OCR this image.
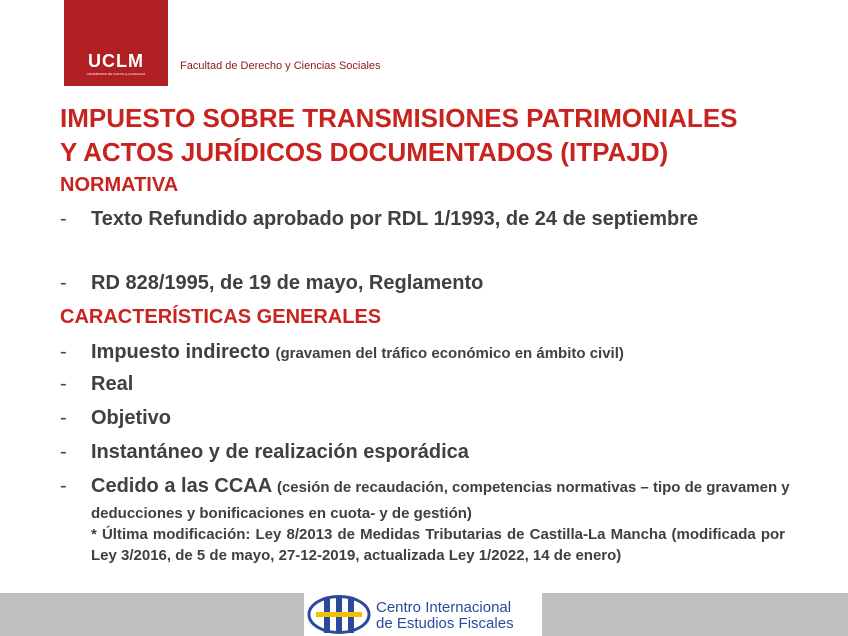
UCLM
UNIVERSIDAD DE CASTILLA-LA MANCHA
Facultad de Derecho y Ciencias Sociales
IMPUESTO SOBRE TRANSMISIONES PATRIMONIALES
Y ACTOS JURÍDICOS DOCUMENTADOS (ITPAJD)
NORMATIVA
- Texto Refundido aprobado por RDL 1/1993, de 24 de septiembre
- RD 828/1995, de 19 de mayo, Reglamento
CARACTERÍSTICAS GENERALES
- Impuesto indirecto (gravamen del tráfico económico en ámbito civil)
- Real
- Objetivo
- Instantáneo y de realización esporádica
- Cedido a las CCAA (cesión de recaudación, competencias normativas – tipo de gravamen y deducciones y bonificaciones en cuota- y de gestión)
* Última modificación: Ley 8/2013 de Medidas Tributarias de Castilla-La Mancha (modificada por Ley 3/2016, de 5 de mayo, 27-12-2019, actualizada Ley 1/2022, 14 de enero)
Centro Internacional
de Estudios Fiscales
